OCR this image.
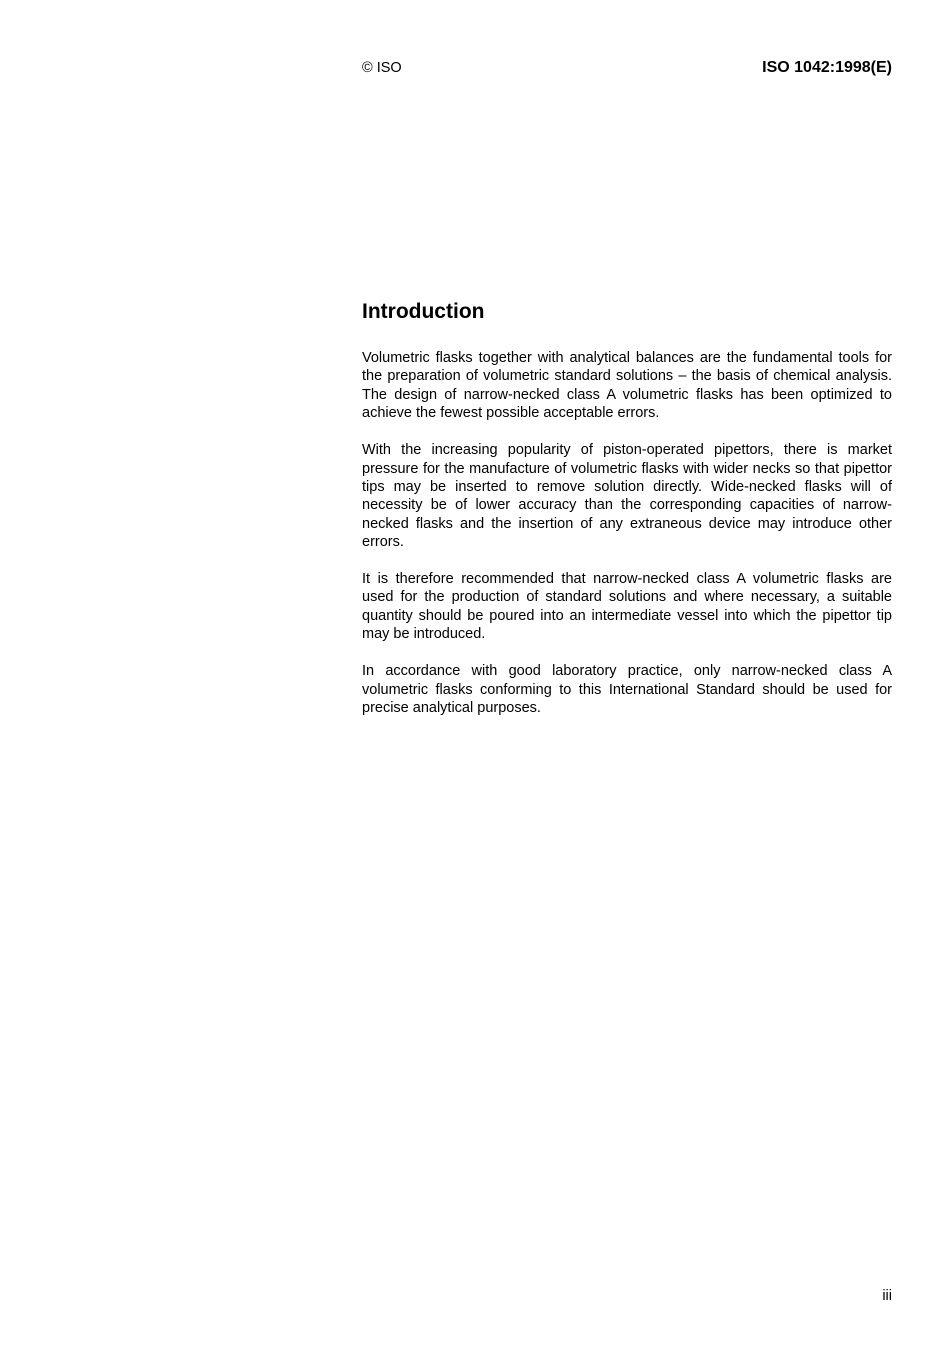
© ISO	ISO 1042:1998(E)
Introduction

Volumetric flasks together with analytical balances are the fundamental tools for the preparation of volumetric standard solutions – the basis of chemical analysis. The design of narrow-necked class A volumetric flasks has been optimized to achieve the fewest possible acceptable errors.

With the increasing popularity of piston-operated pipettors, there is market pressure for the manufacture of volumetric flasks with wider necks so that pipettor tips may be inserted to remove solution directly. Wide-necked flasks will of necessity be of lower accuracy than the corresponding capacities of narrow-necked flasks and the insertion of any extraneous device may introduce other errors.

It is therefore recommended that narrow-necked class A volumetric flasks are used for the production of standard solutions and where necessary, a suitable quantity should be poured into an intermediate vessel into which the pipettor tip may be introduced.

In accordance with good laboratory practice, only narrow-necked class A volumetric flasks conforming to this International Standard should be used for precise analytical purposes.

iii
